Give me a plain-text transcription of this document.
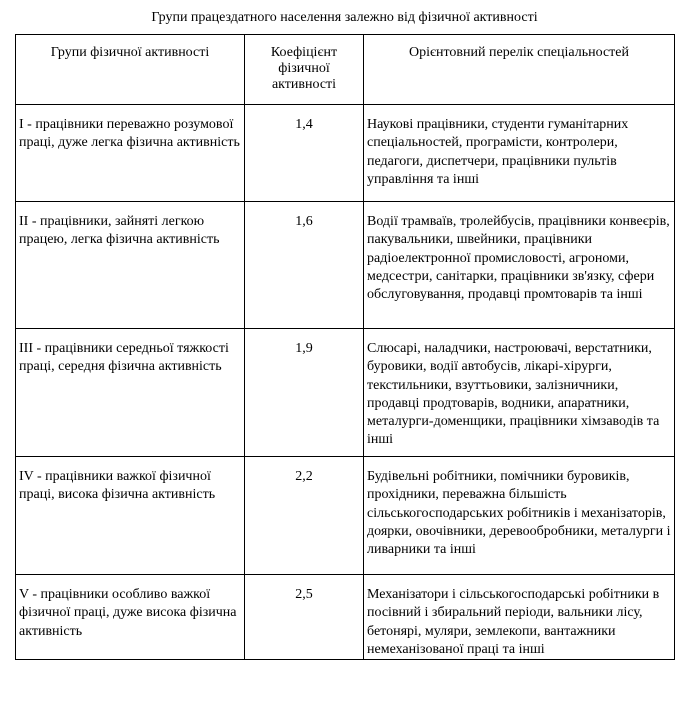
Групи працездатного населення залежно від фізичної активності
Групи фізичної активності	Коефіцієнт фізичної активності	Орієнтовний перелік спеціальностей
I - працівники переважно розумової праці, дуже легка фізична активність	1,4	Наукові працівники, студенти гуманітарних спеціальностей, програмісти, контролери, педагоги, диспетчери, працівники пультів управління та інші
II - працівники, зайняті легкою працею, легка фізична активність	1,6	Водії трамваїв, тролейбусів, працівники конвеєрів, пакувальники, швейники, працівники радіоелектронної промисловості, агрономи, медсестри, санітарки, працівники зв'язку, сфери обслуговування, продавці промтоварів та інші
III - працівники середньої тяжкості праці, середня фізична активність	1,9	Слюсарі, наладчики, настроювачі, верстатники, буровики, водії автобусів, лікарі-хірурги, текстильники, взуттьовики, залізничники, продавці продтоварів, водники, апаратники, металурги-доменщики, працівники хімзаводів та інші
IV - працівники важкої фізичної праці, висока фізична активність	2,2	Будівельні робітники, помічники буровиків, прохідники, переважна більшість сільськогосподарських робітників і механізаторів, доярки, овочівники, деревообробники, металурги і ливарники та інші
V - працівники особливо важкої фізичної праці, дуже висока фізична активність	2,5	Механізатори і сільськогосподарські робітники в посівний і збиральний періоди, вальники лісу, бетонярі, муляри, землекопи, вантажники немеханізованої праці та інші
